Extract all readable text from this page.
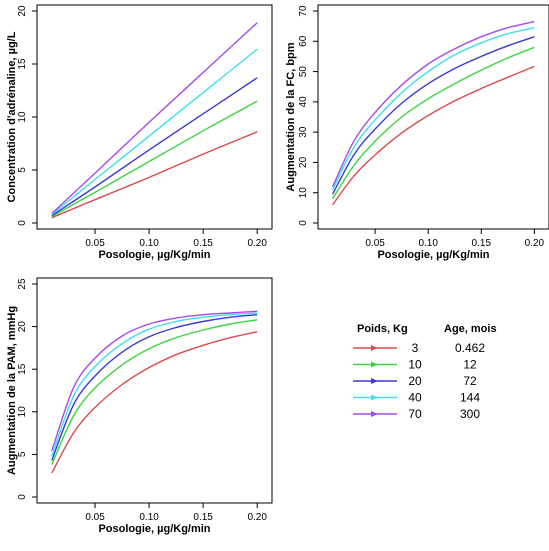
0.05	0.10	0.15	0.20
0
5
10
15
20
Posologie, µg/Kg/min
Concentration d'adrénaline, µg/L
0.05	0.10	0.15	0.20
0
10
20
30
40
50
60
70
Posologie, µg/Kg/min
Augmentation de la FC, bpm
0.05	0.10	0.15	0.20
0
5
10
15
20
25
Posologie, µg/Kg/min
Augmentation de la PAM, mmHg	Poids, Kg	Age, mois
3	0.462
10	12
20	72
40	144
70	300
